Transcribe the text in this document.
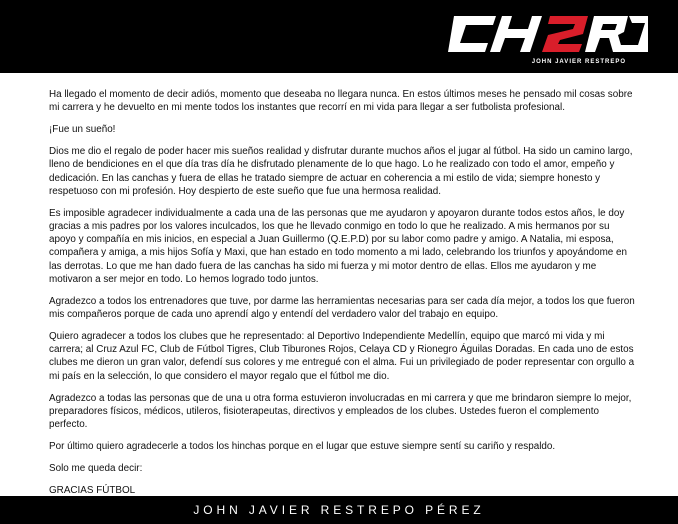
JOHN JAVIER RESTREPO

Ha llegado el momento de decir adiós, momento que deseaba no llegara nunca. En estos últimos meses he pensado mil cosas sobre mi carrera y he devuelto en mi mente todos los instantes que recorrí en mi vida para llegar a ser futbolista profesional.

¡Fue un sueño!

Dios me dio el regalo de poder hacer mis sueños realidad y disfrutar durante muchos años el jugar al fútbol. Ha sido un camino largo, lleno de bendiciones en el que día tras día he disfrutado plenamente de lo que hago. Lo he realizado con todo el amor, empeño y dedicación. En las canchas y fuera de ellas he tratado siempre de actuar en coherencia a mi estilo de vida; siempre honesto y respetuoso con mi profesión. Hoy despierto de este sueño que fue una hermosa realidad.

Es imposible agradecer individualmente a cada una de las personas que me ayudaron y apoyaron durante todos estos años, le doy gracias a mis padres por los valores inculcados, los que he llevado conmigo en todo lo que he realizado. A mis hermanos por su apoyo y compañía en mis inicios, en especial a Juan Guillermo (Q.E.P.D) por su labor como padre y amigo. A Natalia, mi esposa, compañera y amiga, a mis hijos Sofía y Maxi, que han estado en todo momento a mi lado, celebrando los triunfos y apoyándome en las derrotas. Lo que me han dado fuera de las canchas ha sido mi fuerza y mi motor dentro de ellas. Ellos me ayudaron y me motivaron a ser mejor en todo. Lo hemos logrado todo juntos.

Agradezco a todos los entrenadores que tuve, por darme las herramientas necesarias para ser cada día mejor, a todos los que fueron mis compañeros porque de cada uno aprendí algo y entendí del verdadero valor del trabajo en equipo.

Quiero agradecer a todos los clubes que he representado: al Deportivo Independiente Medellín, equipo que marcó mi vida y mi carrera; al Cruz Azul FC, Club de Fútbol Tigres, Club Tiburones Rojos, Celaya CD y Rionegro Águilas Doradas. En cada uno de estos clubes me dieron un gran valor, defendí sus colores y me entregué con el alma. Fui un privilegiado de poder representar con orgullo a mi país en la selección, lo que considero el mayor regalo que el fútbol me dio.

Agradezco a todas las personas que de una u otra forma estuvieron involucradas en mi carrera y que me brindaron siempre lo mejor, preparadores físicos, médicos, utileros, fisioterapeutas, directivos y empleados de los clubes. Ustedes fueron el complemento perfecto.

Por último quiero agradecerle a todos los hinchas porque en el lugar que estuve siempre sentí su cariño y respaldo.

Solo me queda decir:

GRACIAS FÚTBOL

JOHN JAVIER RESTREPO PÉREZ
